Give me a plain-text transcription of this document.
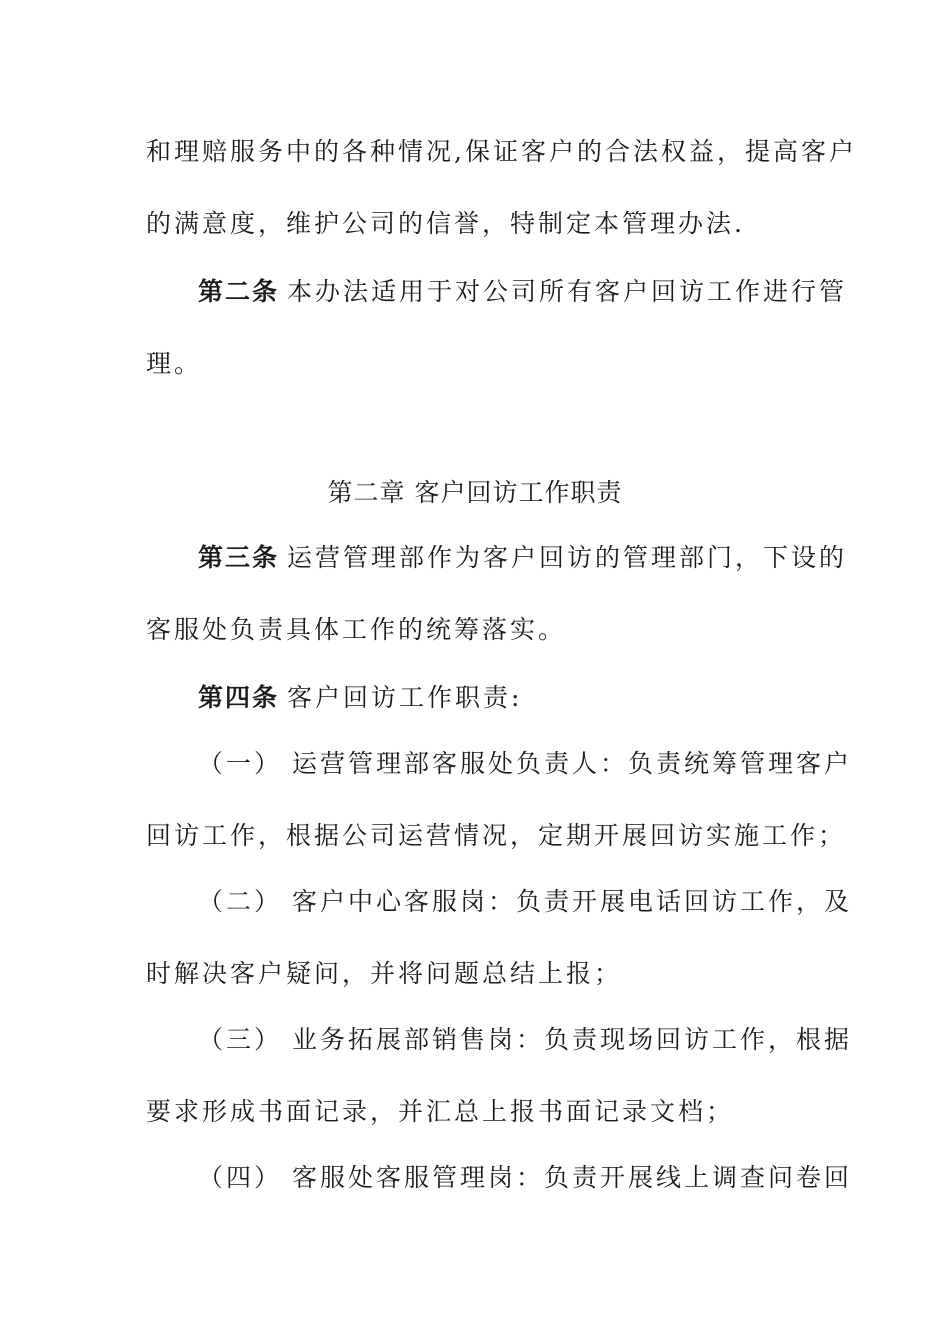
和理赔服务中的各种情况,保证客户的合法权益，提高客户
的满意度，维护公司的信誉，特制定本管理办法.
第二条 本办法适用于对公司所有客户回访工作进行管
理。
第二章 客户回访工作职责
第三条 运营管理部作为客户回访的管理部门，下设的
客服处负责具体工作的统筹落实。
第四条 客户回访工作职责:
（一） 运营管理部客服处负责人：负责统筹管理客户
回访工作，根据公司运营情况，定期开展回访实施工作；
（二） 客户中心客服岗：负责开展电话回访工作，及
时解决客户疑问，并将问题总结上报；
（三） 业务拓展部销售岗：负责现场回访工作，根据
要求形成书面记录，并汇总上报书面记录文档；
（四） 客服处客服管理岗：负责开展线上调查问卷回
